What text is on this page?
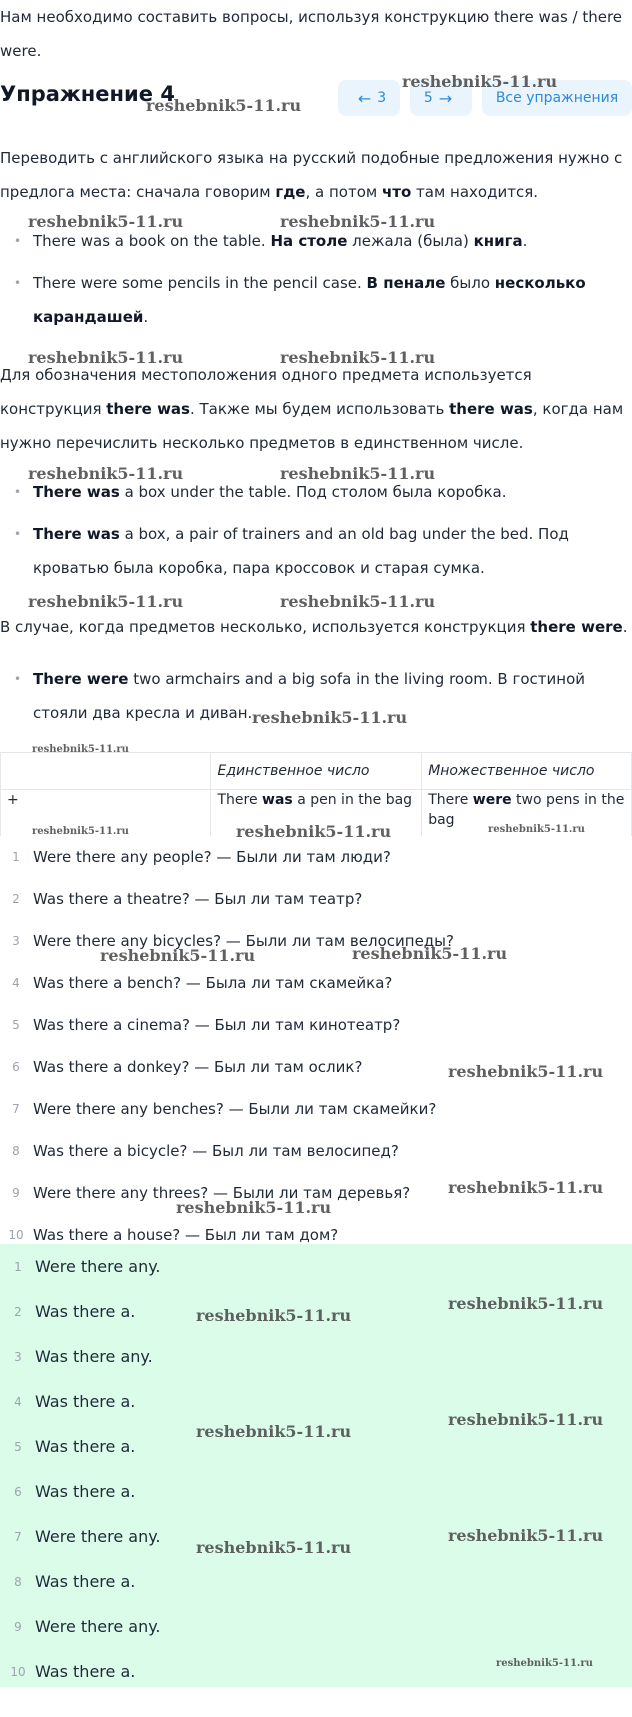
Нам необходимо составить вопросы, используя конструкцию there was / there were.
Упражнение 4	← 3	5 →	Все упражнения
Переводить с английского языка на русский подобные предложения нужно с предлога места: сначала говорим где, а потом что там находится.
• There was a book on the table. На столе лежала (была) книга.
• There were some pencils in the pencil case. В пенале было несколько карандашей.
Для обозначения местоположения одного предмета используется конструкция there was. Также мы будем использовать there was, когда нам нужно перечислить несколько предметов в единственном числе.
• There was a box under the table. Под столом была коробка.
• There was a box, a pair of trainers and an old bag under the bed. Под кроватью была коробка, пара кроссовок и старая сумка.
В случае, когда предметов несколько, используется конструкция there were.
• There were two armchairs and a big sofa in the living room. В гостиной стояли два кресла и диван.
	Единственное число	Множественное число
+	There was a pen in the bag	There were two pens in the bag
1 Were there any people? — Были ли там люди?
2 Was there a theatre? — Был ли там театр?
3 Were there any bicycles? — Были ли там велосипеды?
4 Was there a bench? — Была ли там скамейка?
5 Was there a cinema? — Был ли там кинотеатр?
6 Was there a donkey? — Был ли там ослик?
7 Were there any benches? — Были ли там скамейки?
8 Was there a bicycle? — Был ли там велосипед?
9 Were there any threes? — Были ли там деревья?
10 Was there a house? — Был ли там дом?
1 Were there any.
2 Was there a.
3 Was there any.
4 Was there a.
5 Was there a.
6 Was there a.
7 Were there any.
8 Was there a.
9 Were there any.
10 Was there a.
reshebnik5-11.ru
reshebnik5-11.ru
reshebnik5-11.ru	reshebnik5-11.ru
reshebnik5-11.ru	reshebnik5-11.ru
reshebnik5-11.ru	reshebnik5-11.ru
reshebnik5-11.ru	reshebnik5-11.ru
reshebnik5-11.ru
reshebnik5-11.ru
reshebnik5-11.ru	reshebnik5-11.ru	reshebnik5-11.ru
reshebnik5-11.ru	reshebnik5-11.ru
reshebnik5-11.ru
reshebnik5-11.ru
reshebnik5-11.ru
reshebnik5-11.ru
reshebnik5-11.ru
reshebnik5-11.ru
reshebnik5-11.ru
reshebnik5-11.ru
reshebnik5-11.ru
reshebnik5-11.ru
